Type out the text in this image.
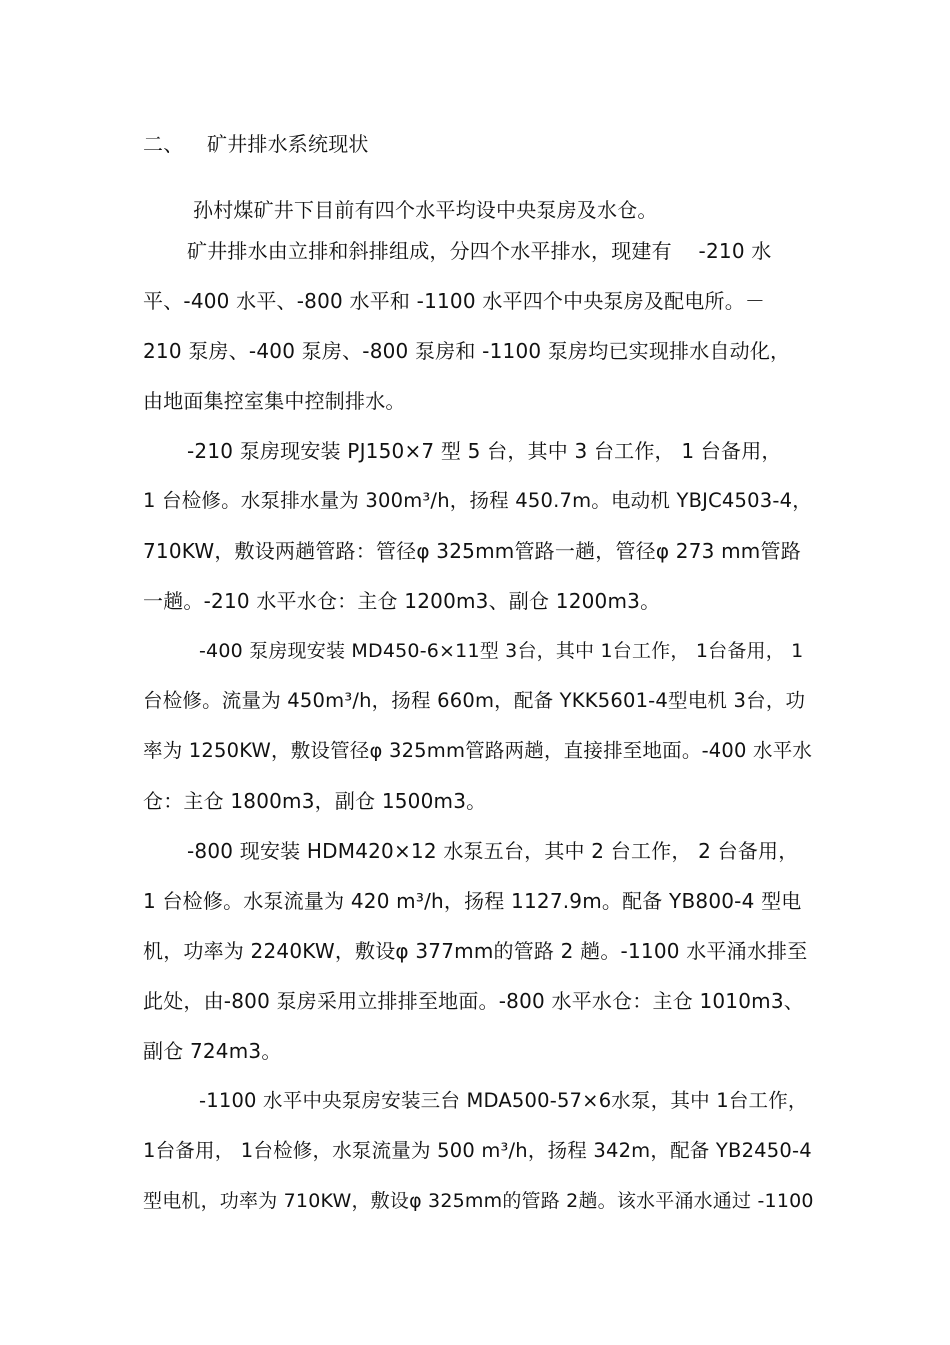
二、 矿井排水系统现状
孙村煤矿井下目前有四个水平均设中央泵房及水仓。
矿井排水由立排和斜排组成，分四个水平排水，现建有　 -210 水
平、-400 水平、-800 水平和 -1100 水平四个中央泵房及配电所。－
210 泵房、-400 泵房、-800 泵房和 -1100 泵房均已实现排水自动化，
由地面集控室集中控制排水。
-210 泵房现安装 PJ150×7 型 5 台，其中 3 台工作， 1 台备用，
1 台检修。水泵排水量为 300m³/h，扬程 450.7m。电动机 YBJC4503-4，
710KW，敷设两趟管路：管径φ 325mm管路一趟，管径φ 273 mm管路
一趟。-210 水平水仓：主仓 1200m3、副仓 1200m3。
-400 泵房现安装 MD450-6×11型 3台，其中 1台工作， 1台备用， 1
台检修。流量为 450m³/h，扬程 660m，配备 YKK5601-4型电机 3台，功
率为 1250KW，敷设管径φ 325mm管路两趟，直接排至地面。-400 水平水
仓：主仓 1800m3，副仓 1500m3。
-800 现安装 HDM420×12 水泵五台，其中 2 台工作， 2 台备用，
1 台检修。水泵流量为 420 m³/h，扬程 1127.9m。配备 YB800-4 型电
机，功率为 2240KW，敷设φ 377mm的管路 2 趟。-1100 水平涌水排至
此处，由-800 泵房采用立排排至地面。-800 水平水仓：主仓 1010m3、
副仓 724m3。
-1100 水平中央泵房安装三台 MDA500-57×6水泵，其中 1台工作，
1台备用， 1台检修，水泵流量为 500 m³/h，扬程 342m，配备 YB2450-4
型电机，功率为 710KW，敷设φ 325mm的管路 2趟。该水平涌水通过 -1100
